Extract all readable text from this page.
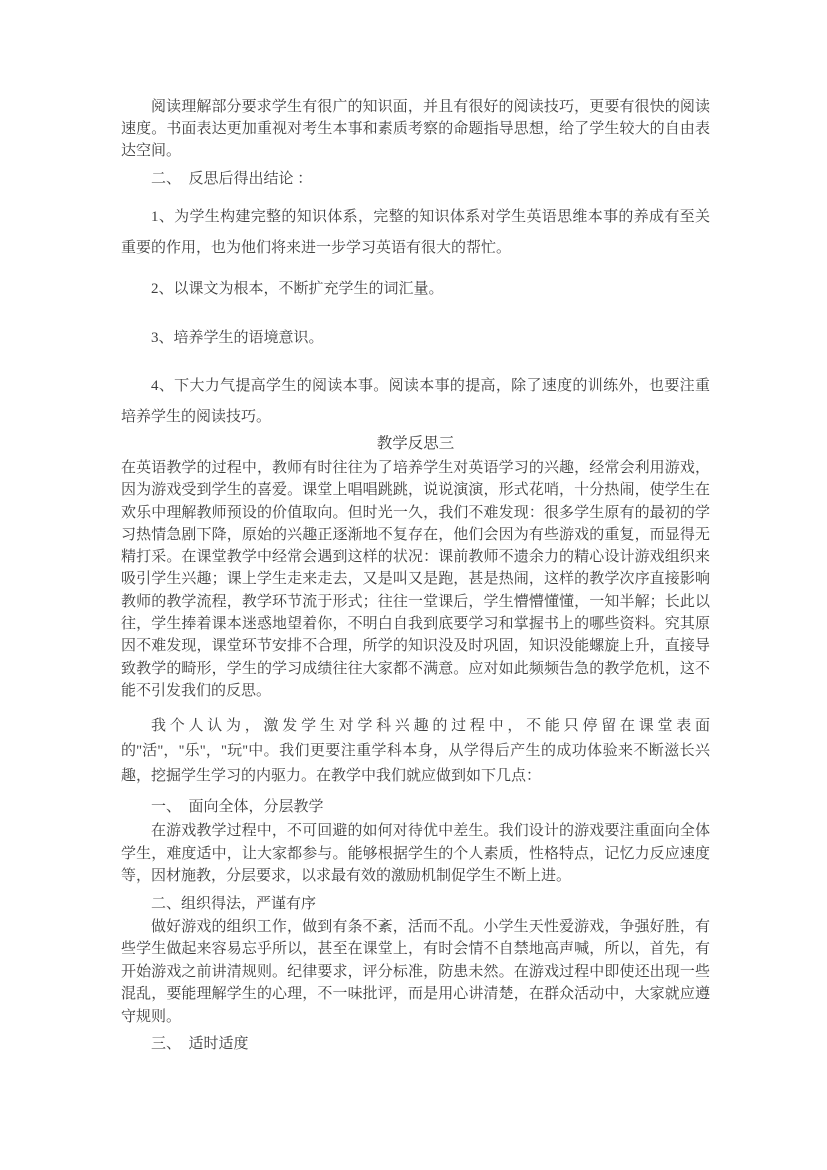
阅读理解部分要求学生有很广的知识面，并且有很好的阅读技巧，更要有很快的阅读速度。书面表达更加重视对考生本事和素质考察的命题指导思想，给了学生较大的自由表达空间。

二、　反思后得出结论 ：

1、为学生构建完整的知识体系，完整的知识体系对学生英语思维本事的养成有至关重要的作用，也为他们将来进一步学习英语有很大的帮忙。

2、以课文为根本，不断扩充学生的词汇量。

3、培养学生的语境意识。

4、下大力气提高学生的阅读本事。阅读本事的提高，除了速度的训练外，也要注重培养学生的阅读技巧。

教学反思三

在英语教学的过程中，教师有时往往为了培养学生对英语学习的兴趣，经常会利用游戏，因为游戏受到学生的喜爱。课堂上唱唱跳跳，说说演演，形式花哨，十分热闹，使学生在欢乐中理解教师预设的价值取向。但时光一久，我们不难发现：很多学生原有的最初的学习热情急剧下降，原始的兴趣正逐渐地不复存在，他们会因为有些游戏的重复，而显得无精打采。在课堂教学中经常会遇到这样的状况：课前教师不遗余力的精心设计游戏组织来吸引学生兴趣；课上学生走来走去，又是叫又是跑，甚是热闹，这样的教学次序直接影响教师的教学流程，教学环节流于形式；往往一堂课后，学生懵懵懂懂，一知半解；长此以往，学生捧着课本迷惑地望着你，不明白自我到底要学习和掌握书上的哪些资料。究其原因不难发现，课堂环节安排不合理，所学的知识没及时巩固，知识没能螺旋上升，直接导致教学的畸形，学生的学习成绩往往大家都不满意。应对如此频频告急的教学危机，这不能不引发我们的反思。

我个人认为，激发学生对学科兴趣的过程中，不能只停留在课堂表面的''活''，''乐''，''玩''中。我们更要注重学科本身，从学得后产生的成功体验来不断滋长兴趣，挖掘学生学习的内驱力。在教学中我们就应做到如下几点：

一、　面向全体，分层教学

在游戏教学过程中，不可回避的如何对待优中差生。我们设计的游戏要注重面向全体学生，难度适中，让大家都参与。能够根据学生的个人素质，性格特点，记忆力反应速度等，因材施教，分层要求，以求最有效的激励机制促学生不断上进。

二、组织得法，严谨有序

做好游戏的组织工作，做到有条不紊，活而不乱。小学生天性爱游戏，争强好胜，有些学生做起来容易忘乎所以，甚至在课堂上，有时会情不自禁地高声喊，所以，首先，有开始游戏之前讲清规则。纪律要求，评分标准，防患未然。在游戏过程中即使还出现一些混乱，要能理解学生的心理，不一味批评，而是用心讲清楚，在群众活动中，大家就应遵守规则。

三、　适时适度
